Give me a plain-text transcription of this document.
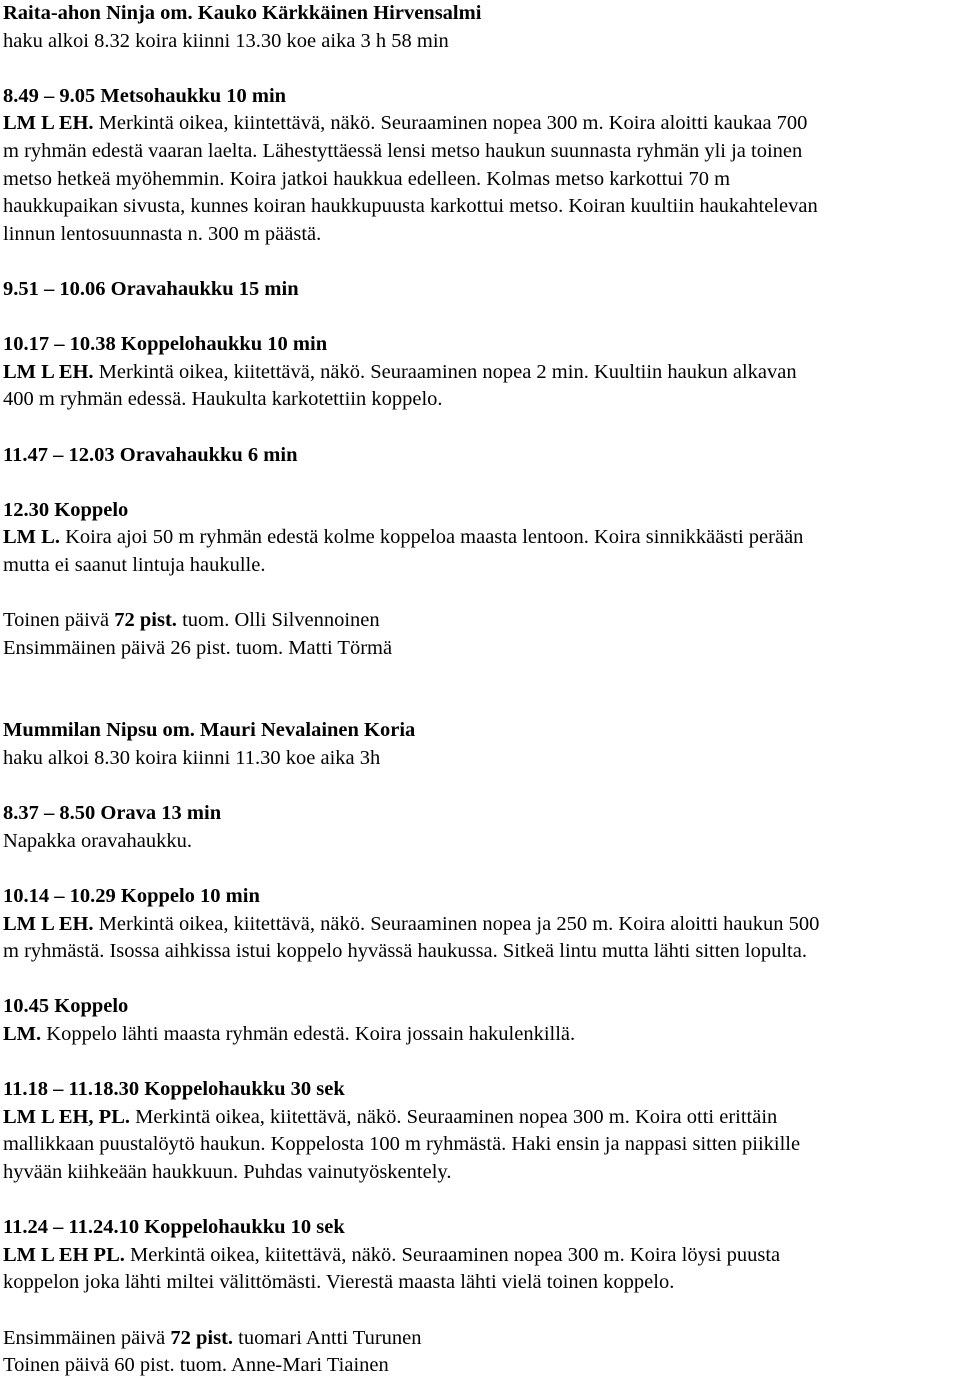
Raita-ahon Ninja om. Kauko Kärkkäinen Hirvensalmi
haku alkoi 8.32 koira kiinni 13.30 koe aika 3 h 58 min
8.49 – 9.05 Metsohaukku 10 min
LM L EH. Merkintä oikea, kiintettävä, näkö. Seuraaminen nopea 300 m. Koira aloitti kaukaa 700
m ryhmän edestä vaaran laelta. Lähestyttäessä lensi metso haukun suunnasta ryhmän yli ja toinen
metso hetkeä myöhemmin. Koira jatkoi haukkua edelleen. Kolmas metso karkottui 70 m
haukkupaikan sivusta, kunnes koiran haukkupuusta karkottui metso. Koiran kuultiin haukahtelevan
linnun lentosuunnasta n. 300 m päästä.
9.51 – 10.06 Oravahaukku 15 min
10.17 – 10.38 Koppelohaukku 10 min
LM L EH. Merkintä oikea, kiitettävä, näkö. Seuraaminen nopea 2 min. Kuultiin haukun alkavan
400 m ryhmän edessä. Haukulta karkotettiin koppelo.
11.47 – 12.03 Oravahaukku 6 min
12.30 Koppelo
LM L. Koira ajoi 50 m ryhmän edestä kolme koppeloa maasta lentoon. Koira sinnikkäästi perään
mutta ei saanut lintuja haukulle.
Toinen päivä 72 pist. tuom. Olli Silvennoinen
Ensimmäinen päivä 26 pist. tuom. Matti Törmä
Mummilan Nipsu om. Mauri Nevalainen Koria
haku alkoi 8.30 koira kiinni 11.30 koe aika 3h
8.37 – 8.50 Orava 13 min
Napakka oravahaukku.
10.14 – 10.29 Koppelo 10 min
LM L EH. Merkintä oikea, kiitettävä, näkö. Seuraaminen nopea ja 250 m. Koira aloitti haukun 500
m ryhmästä. Isossa aihkissa istui koppelo hyvässä haukussa. Sitkeä lintu mutta lähti sitten lopulta.
10.45 Koppelo
LM. Koppelo lähti maasta ryhmän edestä. Koira jossain hakulenkillä.
11.18 – 11.18.30 Koppelohaukku 30 sek
LM L EH, PL. Merkintä oikea, kiitettävä, näkö. Seuraaminen nopea 300 m. Koira otti erittäin
mallikkaan puustalöytö haukun. Koppelosta 100 m ryhmästä. Haki ensin ja nappasi sitten piikille
hyvään kiihkeään haukkuun. Puhdas vainutyöskentely.
11.24 – 11.24.10 Koppelohaukku 10 sek
LM L EH PL. Merkintä oikea, kiitettävä, näkö. Seuraaminen nopea 300 m. Koira löysi puusta
koppelon joka lähti miltei välittömästi. Vierestä maasta lähti vielä toinen koppelo.
Ensimmäinen päivä 72 pist. tuomari Antti Turunen
Toinen päivä 60 pist. tuom. Anne-Mari Tiainen
